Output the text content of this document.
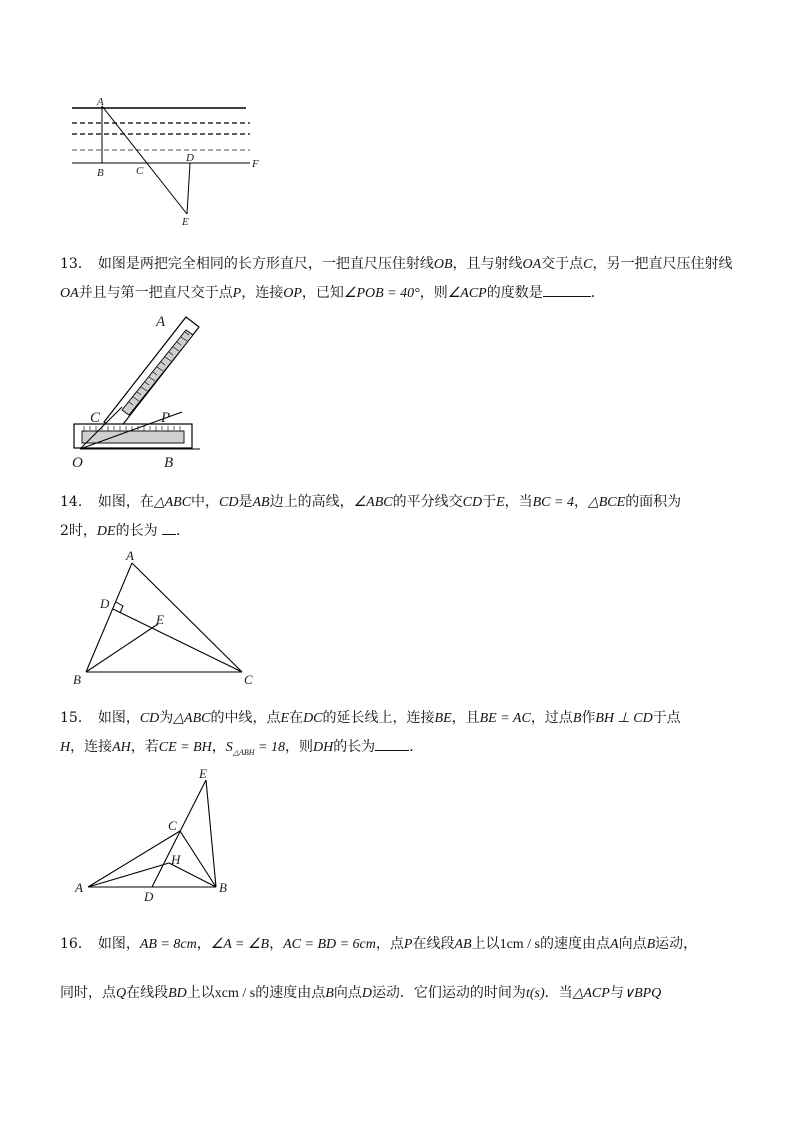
A
B	C
D
E
F

13． 如图是两把完全相同的长方形直尺，一把直尺压住射线OB，且与射线OA交于点C，另一把直尺压住射线OA并且与第一把直尺交于点P，连接OP，已知∠POB = 40°，则∠ACP的度数是	．

A
C	P
O	B

14． 如图，在△ABC中，CD是AB边上的高线，∠ABC的平分线交CD于E，当BC = 4，△BCE的面积为
2时，DE的长为 ．

A
D
E
B	C

15． 如图，CD为△ABC的中线，点E在DC的延长线上，连接BE，且BE = AC，过点B作BH ⊥ CD于点
H，连接AH，若CE = BH，$S_{\triangle ABH} = 18$，则DH的长为 ．

E
C
H
A
D
B

16． 如图，AB = 8cm，∠A = ∠B，AC = BD = 6cm，点P在线段AB上以1cm / s的速度由点A向点B运动，
同时，点Q在线段BD上以xcm / s的速度由点B向点D运动．它们运动的时间为t(s)．当△ACP与∨BPQ
